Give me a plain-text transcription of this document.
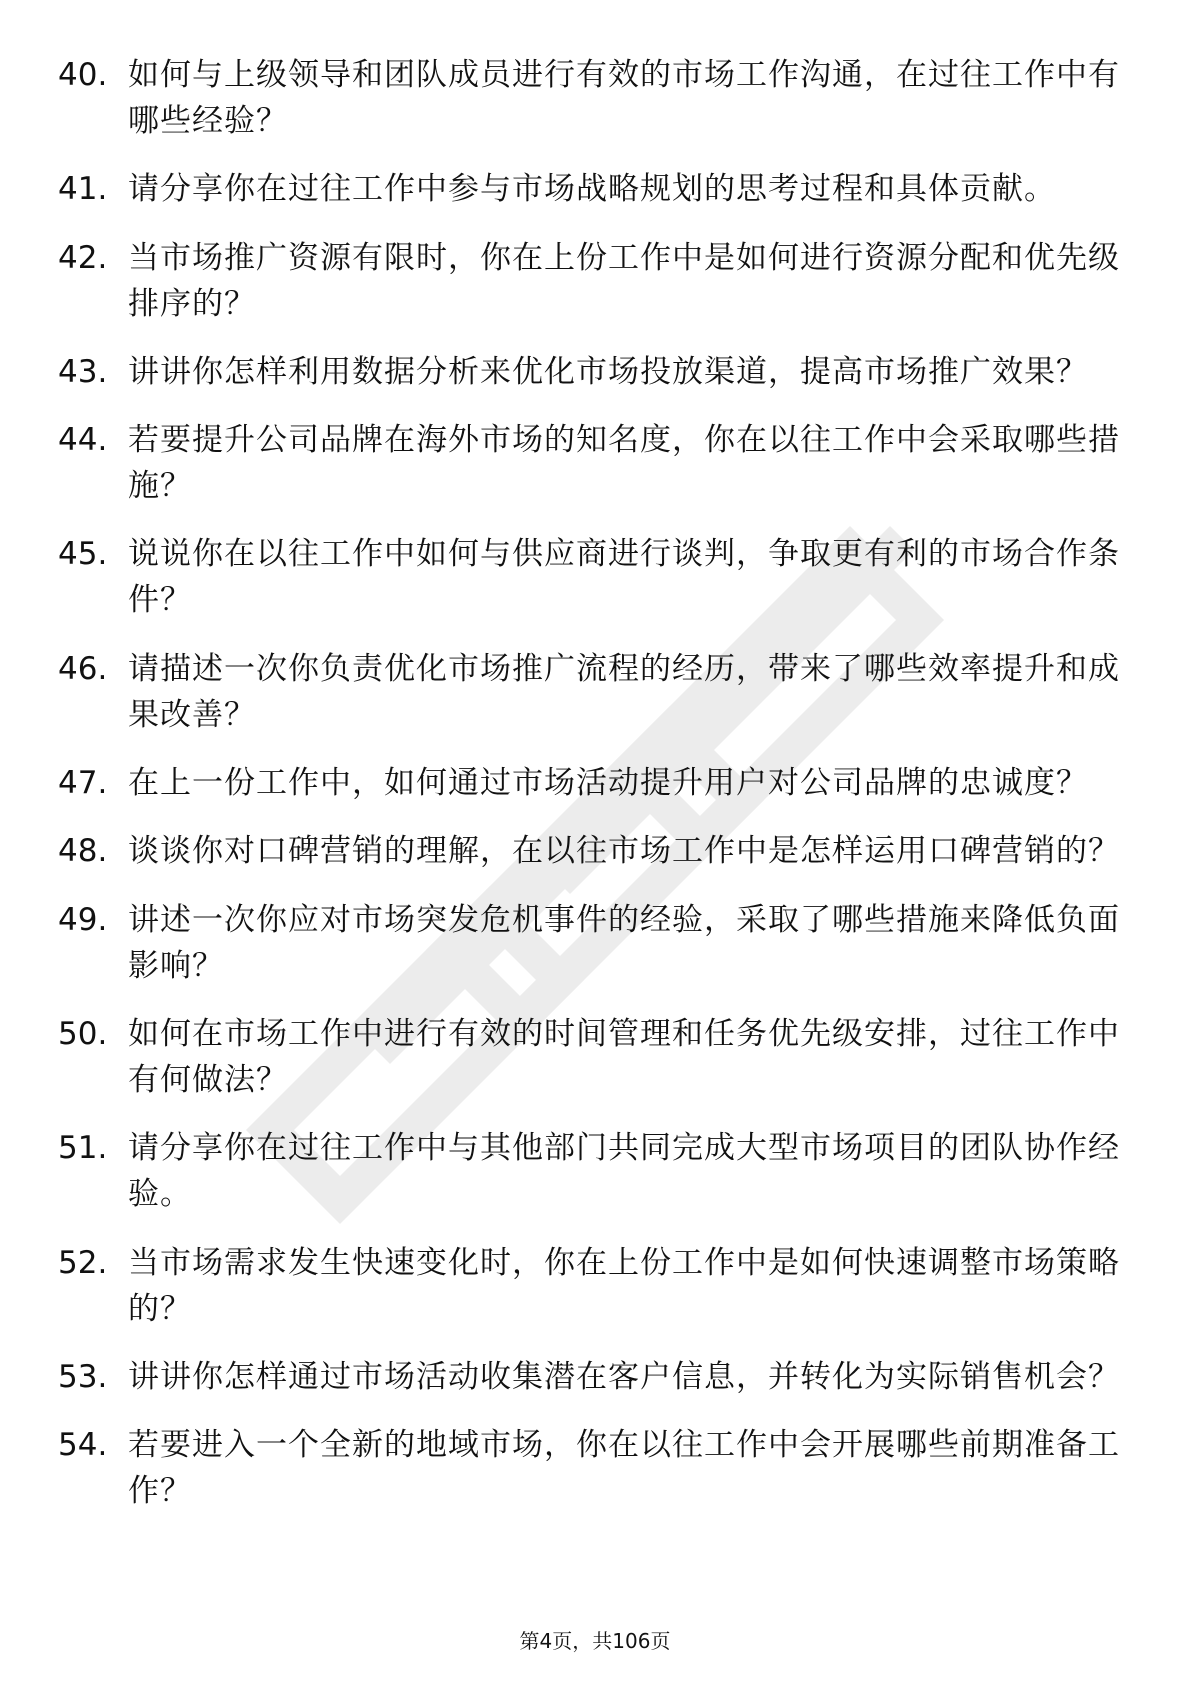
40. 如何与上级领导和团队成员进行有效的市场工作沟通，在过往工作中有哪些经验？
41. 请分享你在过往工作中参与市场战略规划的思考过程和具体贡献。
42. 当市场推广资源有限时，你在上份工作中是如何进行资源分配和优先级排序的？
43. 讲讲你怎样利用数据分析来优化市场投放渠道，提高市场推广效果？
44. 若要提升公司品牌在海外市场的知名度，你在以往工作中会采取哪些措施？
45. 说说你在以往工作中如何与供应商进行谈判，争取更有利的市场合作条件？
46. 请描述一次你负责优化市场推广流程的经历，带来了哪些效率提升和成果改善？
47. 在上一份工作中，如何通过市场活动提升用户对公司品牌的忠诚度？
48. 谈谈你对口碑营销的理解，在以往市场工作中是怎样运用口碑营销的？
49. 讲述一次你应对市场突发危机事件的经验，采取了哪些措施来降低负面影响？
50. 如何在市场工作中进行有效的时间管理和任务优先级安排，过往工作中有何做法？
51. 请分享你在过往工作中与其他部门共同完成大型市场项目的团队协作经验。
52. 当市场需求发生快速变化时，你在上份工作中是如何快速调整市场策略的？
53. 讲讲你怎样通过市场活动收集潜在客户信息，并转化为实际销售机会？
54. 若要进入一个全新的地域市场，你在以往工作中会开展哪些前期准备工作？
第4页，共106页
